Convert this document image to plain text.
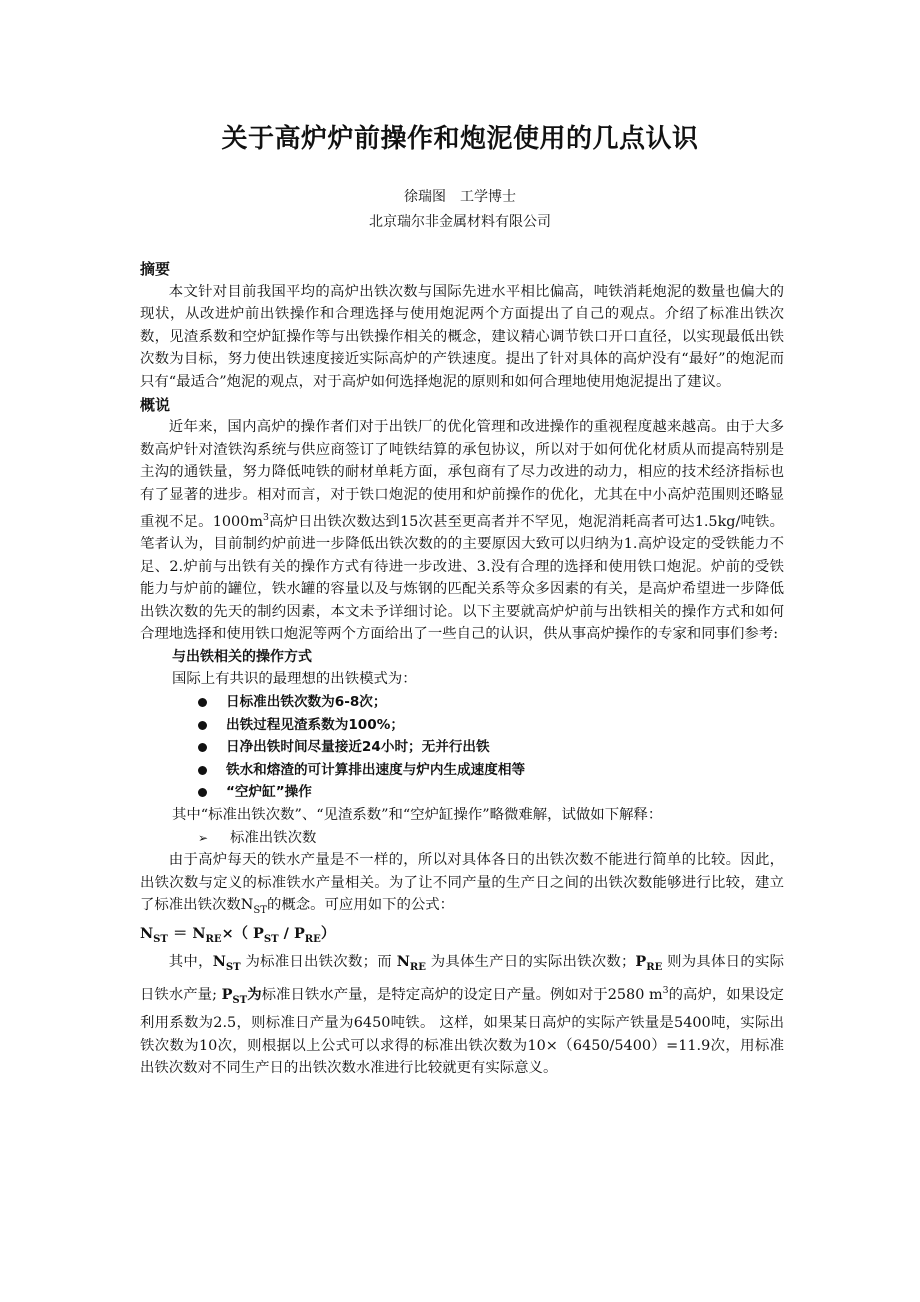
关于高炉炉前操作和炮泥使用的几点认识
徐瑞图　工学博士
北京瑞尔非金属材料有限公司

摘要

本文针对目前我国平均的高炉出铁次数与国际先进水平相比偏高，吨铁消耗炮泥的数量也偏大的现状，从改进炉前出铁操作和合理选择与使用炮泥两个方面提出了自己的观点。介绍了标准出铁次数，见渣系数和空炉缸操作等与出铁操作相关的概念，建议精心调节铁口开口直径，以实现最低出铁次数为目标，努力使出铁速度接近实际高炉的产铁速度。提出了针对具体的高炉没有“最好”的炮泥而只有“最适合”炮泥的观点，对于高炉如何选择炮泥的原则和如何合理地使用炮泥提出了建议。

概说

近年来，国内高炉的操作者们对于出铁厂的优化管理和改进操作的重视程度越来越高。由于大多数高炉针对渣铁沟系统与供应商签订了吨铁结算的承包协议，所以对于如何优化材质从而提高特别是主沟的通铁量，努力降低吨铁的耐材单耗方面，承包商有了尽力改进的动力，相应的技术经济指标也有了显著的进步。相对而言，对于铁口炮泥的使用和炉前操作的优化，尤其在中小高炉范围则还略显重视不足。$1000m^3$高炉日出铁次数达到15次甚至更高者并不罕见，炮泥消耗高者可达1.5kg/吨铁。笔者认为，目前制约炉前进一步降低出铁次数的的主要原因大致可以归纳为1.高炉设定的受铁能力不足、2.炉前与出铁有关的操作方式有待进一步改进、3.没有合理的选择和使用铁口炮泥。炉前的受铁能力与炉前的罐位，铁水罐的容量以及与炼钢的匹配关系等众多因素的有关，是高炉希望进一步降低出铁次数的先天的制约因素，本文未予详细讨论。以下主要就高炉炉前与出铁相关的操作方式和如何合理地选择和使用铁口炮泥等两个方面给出了一些自己的认识，供从事高炉操作的专家和同事们参考:

与出铁相关的操作方式

国际上有共识的最理想的出铁模式为：

日标准出铁次数为6-8次；
出铁过程见渣系数为100%；
日净出铁时间尽量接近24小时；无并行出铁
铁水和熔渣的可计算排出速度与炉内生成速度相等
“空炉缸”操作

其中“标准出铁次数”、“见渣系数”和“空炉缸操作”略微难解，试做如下解释：

➢ 标准出铁次数

由于高炉每天的铁水产量是不一样的，所以对具体各日的出铁次数不能进行简单的比较。因此，出铁次数与定义的标准铁水产量相关。为了让不同产量的生产日之间的出铁次数能够进行比较，建立了标准出铁次数$N_{ST}$的概念。可应用如下的公式：

$N_{ST} = N_{RE}\times$（ $P_{ST} / P_{RE}$）

其中，$N_{ST}$ 为标准日出铁次数；而 $N_{RE}$ 为具体生产日的实际出铁次数；$P_{RE}$ 则为具体日的实际日铁水产量; $P_{ST}$为标准日铁水产量，是特定高炉的设定日产量。例如对于2580 $m^3$的高炉，如果设定利用系数为2.5，则标准日产量为6450吨铁。 这样，如果某日高炉的实际产铁量是5400吨，实际出铁次数为10次，则根据以上公式可以求得的标准出铁次数为10×（6450/5400）=11.9次，用标准出铁次数对不同生产日的出铁次数水准进行比较就更有实际意义。
